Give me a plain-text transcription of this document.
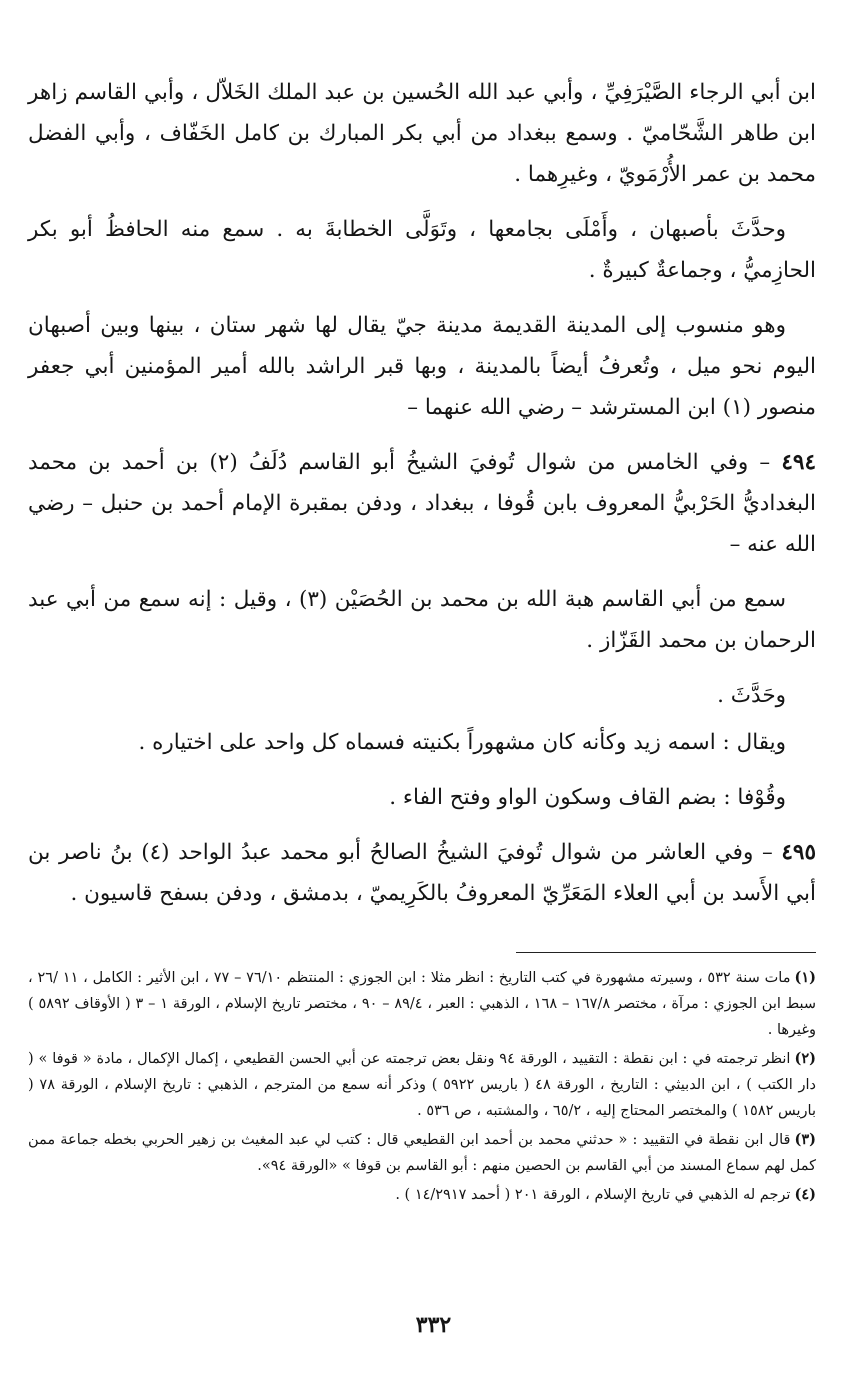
ابن أبي الرجاء الصَّيْرَفِيِّ ، وأبي عبد الله الحُسين بن عبد الملك الخَلاّل ، وأبي القاسم زاهر ابن طاهر الشَّحّاميّ . وسمع ببغداد من أبي بكر المبارك بن كامل الخَفّاف ، وأبي الفضل محمد بن عمر الأُرْمَويّ ، وغيرِهما .

وحدَّثَ بأصبهان ، وأَمْلَى بجامعها ، وتَوَلَّى الخطابةَ به . سمع منه الحافظُ أبو بكر الحازِميُّ ، وجماعةٌ كبيرةٌ .

وهو منسوب إلى المدينة القديمة مدينة جيّ يقال لها شهر ستان ، بينها وبين أصبهان اليوم نحو ميل ، وتُعرفُ أيضاً بالمدينة ، وبها قبر الراشد بالله أمير المؤمنين أبي جعفر منصور (١) ابن المسترشد – رضي الله عنهما –

٤٩٤ – وفي الخامس من شوال تُوفيَ الشيخُ أبو القاسم دُلَفُ (٢) بن أحمد بن محمد البغداديُّ الحَرْبيُّ المعروف بابن قُوفا ، ببغداد ، ودفن بمقبرة الإمام أحمد بن حنبل – رضي الله عنه –

سمع من أبي القاسم هبة الله بن محمد بن الحُصَيْن (٣) ، وقيل : إنه سمع من أبي عبد الرحمان بن محمد القَزّاز .

وحَدَّثَ .

ويقال : اسمه زيد وكأنه كان مشهوراً بكنيته فسماه كل واحد على اختياره .

وقُوْفا : بضم القاف وسكون الواو وفتح الفاء .

٤٩٥ – وفي العاشر من شوال تُوفيَ الشيخُ الصالحُ أبو محمد عبدُ الواحد (٤) بنُ ناصر بن أبي الأَسد بن أبي العلاء المَعَرِّيّ المعروفُ بالكَرِيميّ ، بدمشق ، ودفن بسفح قاسيون .

(١)مات سنة ٥٣٢ ، وسيرته مشهورة في كتب التاريخ : انظر مثلا : ابن الجوزي : المنتظم ٧٦/١٠ – ٧٧ ، ابن الأثير : الكامل ، ١١ /٢٦ ، سبط ابن الجوزي : مرآة ، مختصر ١٦٧/٨ – ١٦٨ ، الذهبي : العبر ، ٨٩/٤ – ٩٠ ، مختصر تاريخ الإسلام ، الورقة ١ – ٣ ( الأوقاف ٥٨٩٢ ) وغيرها .

(٢)انظر ترجمته في : ابن نقطة : التقييد ، الورقة ٩٤ ونقل بعض ترجمته عن أبي الحسن القطيعي ، إكمال الإكمال ، مادة « قوفا » ( دار الكتب ) ، ابن الدبيثي : التاريخ ، الورقة ٤٨ ( باريس ٥٩٢٢ ) وذكر أنه سمع من المترجم ، الذهبي : تاريخ الإسلام ، الورقة ٧٨ ( باريس ١٥٨٢ ) والمختصر المحتاج إليه ، ٦٥/٢ ، والمشتبه ، ص ٥٣٦ .

(٣)قال ابن نقطة في التقييد : « حدثني محمد بن أحمد ابن القطيعي قال : كتب لي عبد المغيث بن زهير الحربي بخطه جماعة ممن كمل لهم سماع المسند من أبي القاسم بن الحصين منهم : أبو القاسم بن قوفا » «الورقة ٩٤».

(٤)ترجم له الذهبي في تاريخ الإسلام ، الورقة ٢٠١ ( أحمد ١٤/٢٩١٧ ) .

٣٣٢
